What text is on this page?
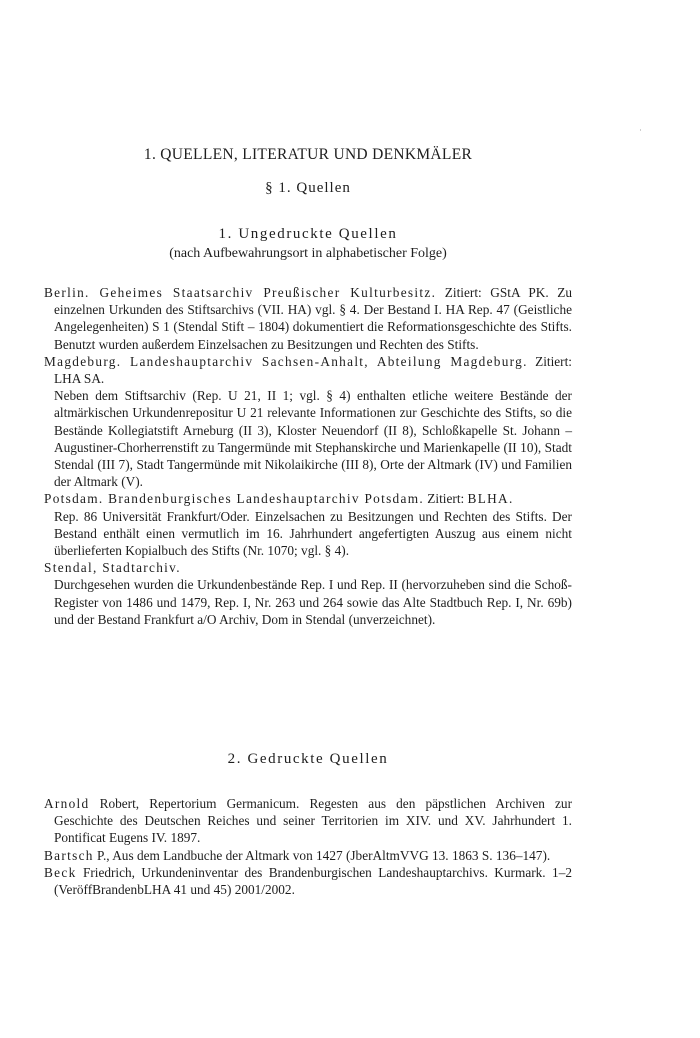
1. QUELLEN, LITERATUR UND DENKMÄLER
§ 1. Quellen
1. Ungedruckte Quellen

(nach Aufbewahrungsort in alphabetischer Folge)

Berlin. Geheimes Staatsarchiv Preußischer Kulturbesitz. Zitiert: GStA PK. Zu einzelnen Urkunden des Stiftsarchivs (VII. HA) vgl. § 4. Der Bestand I. HA Rep. 47 (Geistliche Angelegenheiten) S 1 (Stendal Stift – 1804) dokumentiert die Reformationsgeschichte des Stifts. Benutzt wurden außerdem Einzelsachen zu Besitzungen und Rechten des Stifts.
Magdeburg. Landeshauptarchiv Sachsen-Anhalt, Abteilung Magdeburg. Zitiert: LHA SA.
Neben dem Stiftsarchiv (Rep. U 21, II 1; vgl. § 4) enthalten etliche weitere Bestände der altmärkischen Urkundenrepositur U 21 relevante Informationen zur Geschichte des Stifts, so die Bestände Kollegiatstift Arneburg (II 3), Kloster Neuendorf (II 8), Schloßkapelle St. Johann – Augustiner-Chorherrenstift zu Tangermünde mit Stephanskirche und Marienkapelle (II 10), Stadt Stendal (III 7), Stadt Tangermünde mit Nikolaikirche (III 8), Orte der Altmark (IV) und Familien der Altmark (V).
Potsdam. Brandenburgisches Landeshauptarchiv Potsdam. Zitiert: BLHA.
Rep. 86 Universität Frankfurt/Oder. Einzelsachen zu Besitzungen und Rechten des Stifts. Der Bestand enthält einen vermutlich im 16. Jahrhundert angefertigten Auszug aus einem nicht überlieferten Kopialbuch des Stifts (Nr. 1070; vgl. § 4).
Stendal, Stadtarchiv.
Durchgesehen wurden die Urkundenbestände Rep. I und Rep. II (hervorzuheben sind die Schoß-Register von 1486 und 1479, Rep. I, Nr. 263 und 264 sowie das Alte Stadtbuch Rep. I, Nr. 69b) und der Bestand Frankfurt a/O Archiv, Dom in Stendal (unverzeichnet).
2. Gedruckte Quellen
Arnold Robert, Repertorium Germanicum. Regesten aus den päpstlichen Archiven zur Geschichte des Deutschen Reiches und seiner Territorien im XIV. und XV. Jahrhundert 1. Pontificat Eugens IV. 1897.
Bartsch P., Aus dem Landbuche der Altmark von 1427 (JberAltmVVG 13. 1863 S. 136–147).
Beck Friedrich, Urkundeninventar des Brandenburgischen Landeshauptarchivs. Kurmark. 1–2 (VeröffBrandenbLHA 41 und 45) 2001/2002.
